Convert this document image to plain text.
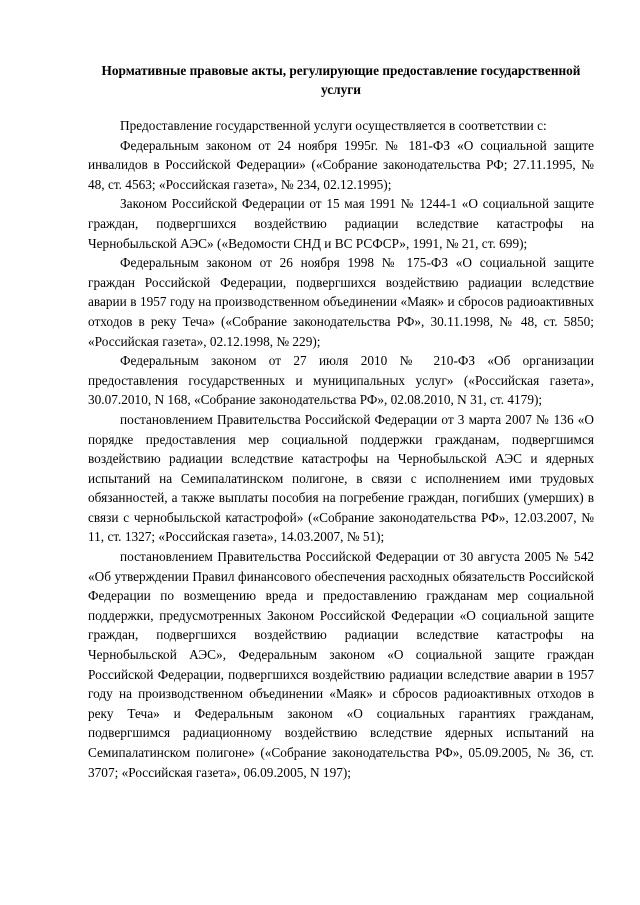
Нормативные правовые акты, регулирующие предоставление государственной услуги

Предоставление государственной услуги осуществляется в соответствии с:

Федеральным законом от 24 ноября 1995г. № 181-ФЗ «О социальной защите инвалидов в Российской Федерации» («Собрание законодательства РФ; 27.11.1995, № 48, ст. 4563; «Российская газета», № 234, 02.12.1995);

Законом Российской Федерации от 15 мая 1991 № 1244-1 «О социальной защите граждан, подвергшихся воздействию радиации вследствие катастрофы на Чернобыльской АЭС» («Ведомости СНД и ВС РСФСР», 1991, № 21, ст. 699);

Федеральным законом от 26 ноября 1998 № 175-ФЗ «О социальной защите граждан Российской Федерации, подвергшихся воздействию радиации вследствие аварии в 1957 году на производственном объединении «Маяк» и сбросов радиоактивных отходов в реку Теча» («Собрание законодательства РФ», 30.11.1998, № 48, ст. 5850; «Российская газета», 02.12.1998, № 229);

Федеральным законом от 27 июля 2010 № 210-ФЗ «Об организации предоставления государственных и муниципальных услуг» («Российская газета», 30.07.2010, N 168, «Собрание законодательства РФ», 02.08.2010, N 31, ст. 4179);

постановлением Правительства Российской Федерации от 3 марта 2007 № 136 «О порядке предоставления мер социальной поддержки гражданам, подвергшимся воздействию радиации вследствие катастрофы на Чернобыльской АЭС и ядерных испытаний на Семипалатинском полигоне, в связи с исполнением ими трудовых обязанностей, а также выплаты пособия на погребение граждан, погибших (умерших) в связи с чернобыльской катастрофой» («Собрание законодательства РФ», 12.03.2007, № 11, ст. 1327; «Российская газета», 14.03.2007, № 51);

постановлением Правительства Российской Федерации от 30 августа 2005 № 542 «Об утверждении Правил финансового обеспечения расходных обязательств Российской Федерации по возмещению вреда и предоставлению гражданам мер социальной поддержки, предусмотренных Законом Российской Федерации «О социальной защите граждан, подвергшихся воздействию радиации вследствие катастрофы на Чернобыльской АЭС», Федеральным законом «О социальной защите граждан Российской Федерации, подвергшихся воздействию радиации вследствие аварии в 1957 году на производственном объединении «Маяк» и сбросов радиоактивных отходов в реку Теча» и Федеральным законом «О социальных гарантиях гражданам, подвергшимся радиационному воздействию вследствие ядерных испытаний на Семипалатинском полигоне» («Собрание законодательства РФ», 05.09.2005, № 36, ст. 3707; «Российская газета», 06.09.2005, N 197);
